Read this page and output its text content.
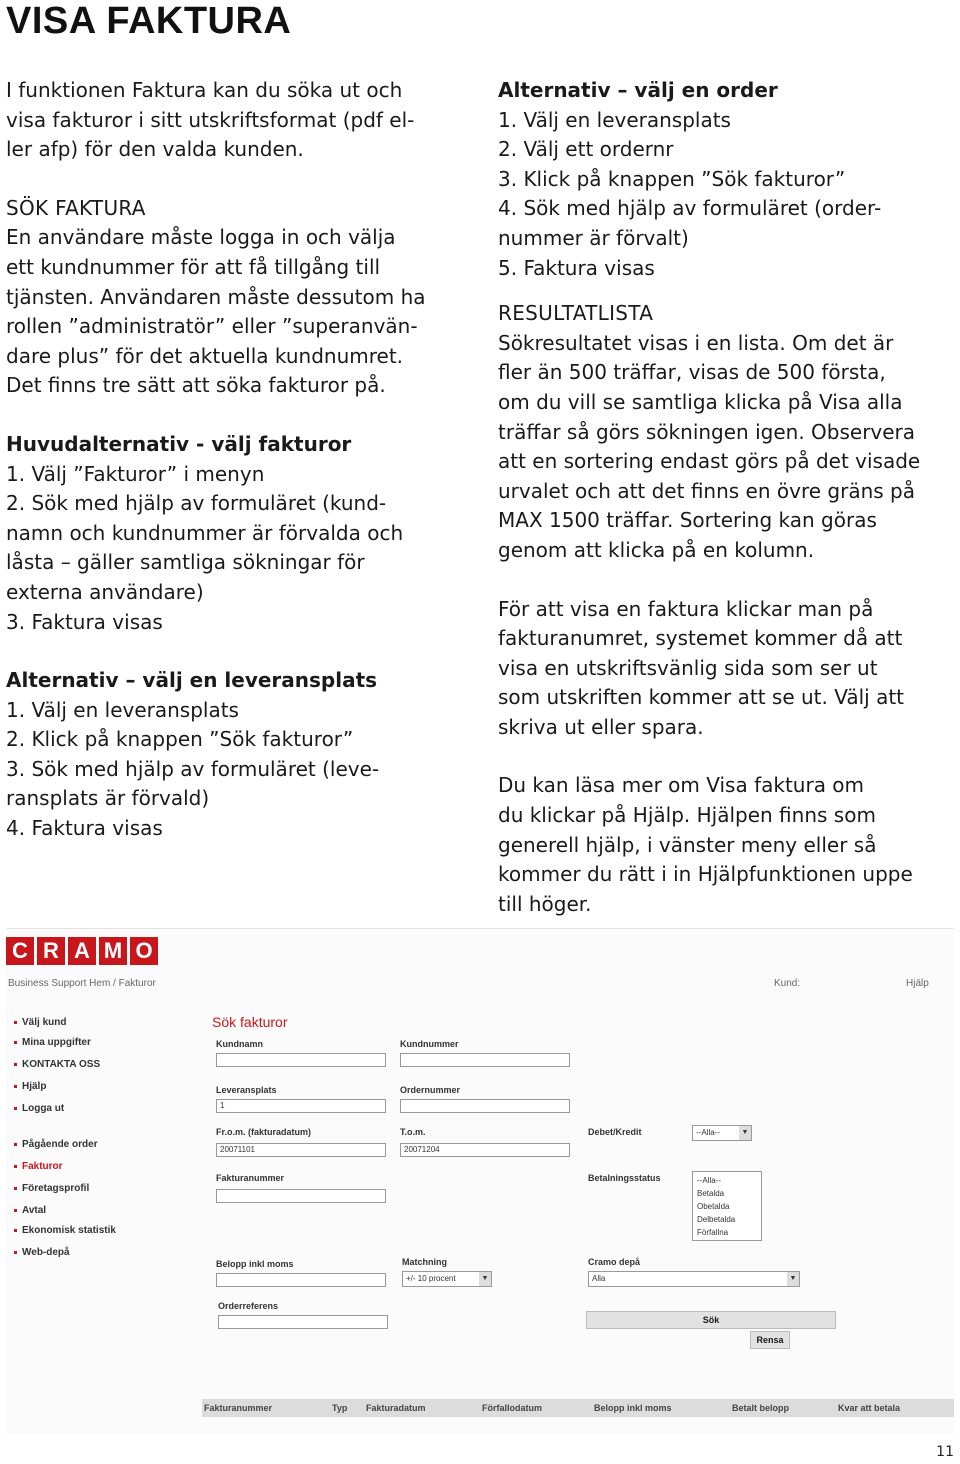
VISA FAKTURA

I funktionen Faktura kan du söka ut och

visa fakturor i sitt utskriftsformat (pdf el-

ler afp) för den valda kunden.

SÖK FAKTURA

En användare måste logga in och välja

ett kundnummer för att få tillgång till

tjänsten. Användaren måste dessutom ha

rollen ”administratör” eller ”superanvän-

dare plus” för det aktuella kundnumret.

Det finns tre sätt att söka fakturor på.

Huvudalternativ - välj fakturor

1. Välj ”Fakturor” i menyn

2. Sök med hjälp av formuläret (kund-

namn och kundnummer är förvalda och

låsta – gäller samtliga sökningar för

externa användare)

3. Faktura visas

Alternativ – välj en leveransplats

1. Välj en leveransplats

2. Klick på knappen ”Sök fakturor”

3. Sök med hjälp av formuläret (leve-

ransplats är förvald)

4. Faktura visas

Alternativ – välj en order

1. Välj en leveransplats

2. Välj ett ordernr

3. Klick på knappen ”Sök fakturor”

4. Sök med hjälp av formuläret (order-

nummer är förvalt)

5. Faktura visas

RESULTATLISTA

Sökresultatet visas i en lista. Om det är

fler än 500 träffar, visas de 500 första,

om du vill se samtliga klicka på Visa alla

träffar så görs sökningen igen. Observera

att en sortering endast görs på det visade

urvalet och att det finns en övre gräns på

MAX 1500 träffar. Sortering kan göras

genom att klicka på en kolumn.

För att visa en faktura klickar man på

fakturanumret, systemet kommer då att

visa en utskriftsvänlig sida som ser ut

som utskriften kommer att se ut. Välj att

skriva ut eller spara.

Du kan läsa mer om Visa faktura om

du klickar på Hjälp. Hjälpen finns som

generell hjälp, i vänster meny eller så

kommer du rätt i in Hjälpfunktionen uppe

till höger.

C R A M O
Business Support Hem / Fakturor	Kund:	Hjälp
Välj kund
Mina uppgifter
KONTAKTA OSS
Hjälp
Logga ut
Pågående order
Fakturor
Företagsprofil
Avtal
Ekonomisk statistik
Web-depå
Sök fakturor
Kundnamn	Kundnummer
Leveransplats
1
Ordernummer
Fr.o.m. (fakturadatum)
20071101
T.o.m.
20071204
Debet/Kredit	--Alla--	▼
Fakturanummer	Betalningsstatus	--Alla--
Betalda
Obetalda
Delbetalda
Förfallna
Belopp inkl moms	Matchning
+/- 10 procent	▼
Cramo depå
Alla	▼
Orderreferens
Sök
Rensa
Fakturanummer	Typ Fakturadatum	Förfallodatum	Belopp inkl moms	Betalt belopp	Kvar att betala
11
